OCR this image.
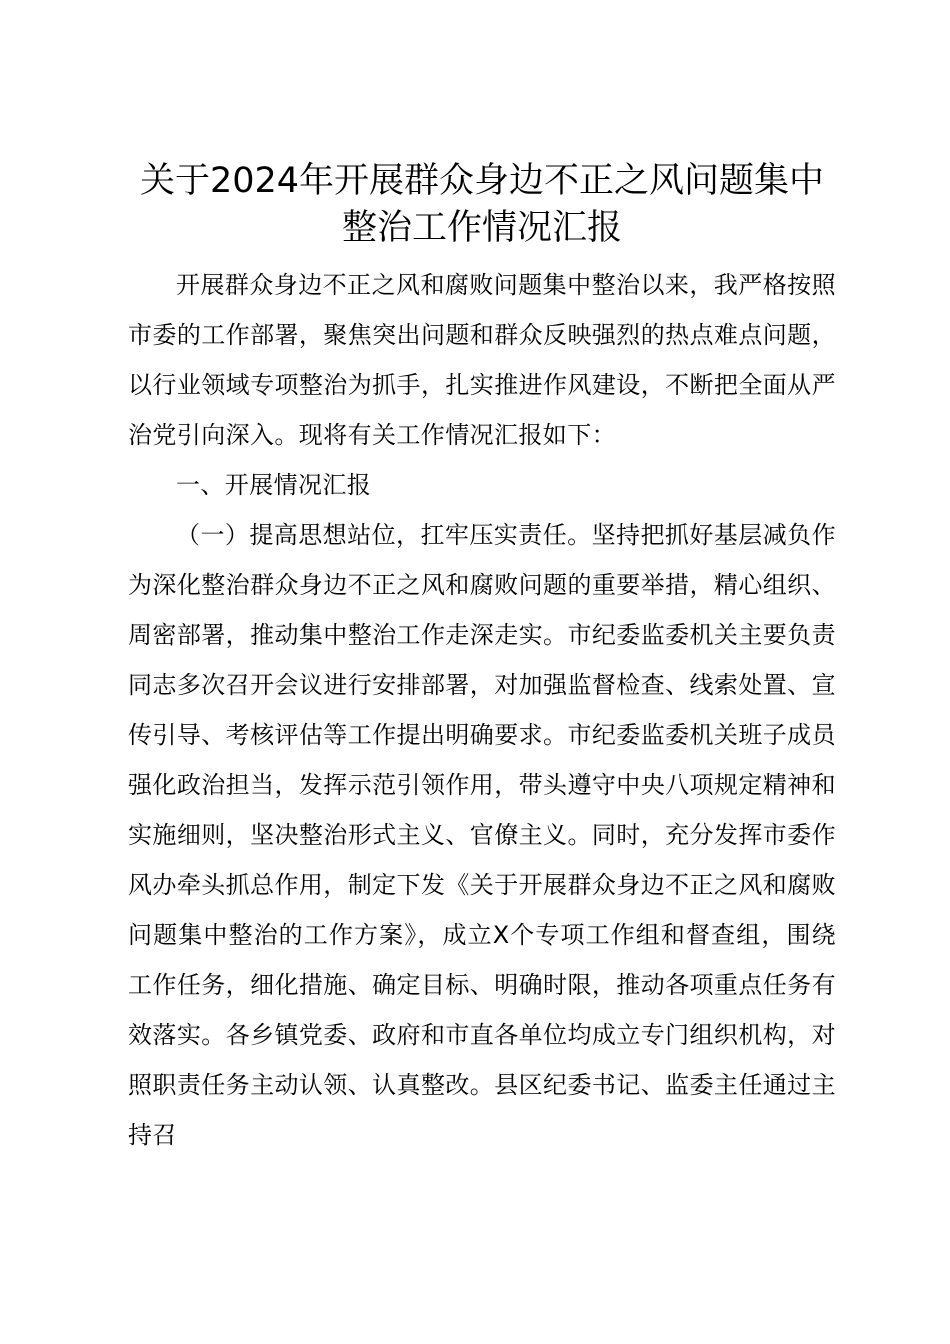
关于2024年开展群众身边不正之风问题集中整治工作情况汇报

开展群众身边不正之风和腐败问题集中整治以来，我严格按照市委的工作部署，聚焦突出问题和群众反映强烈的热点难点问题，以行业领域专项整治为抓手，扎实推进作风建设，不断把全面从严治党引向深入。现将有关工作情况汇报如下：

一、开展情况汇报

（一）提高思想站位，扛牢压实责任。坚持把抓好基层减负作为深化整治群众身边不正之风和腐败问题的重要举措，精心组织、周密部署，推动集中整治工作走深走实。市纪委监委机关主要负责同志多次召开会议进行安排部署，对加强监督检查、线索处置、宣传引导、考核评估等工作提出明确要求。市纪委监委机关班子成员强化政治担当，发挥示范引领作用，带头遵守中央八项规定精神和实施细则，坚决整治形式主义、官僚主义。同时，充分发挥市委作风办牵头抓总作用，制定下发《关于开展群众身边不正之风和腐败问题集中整治的工作方案》，成立X个专项工作组和督查组，围绕工作任务，细化措施、确定目标、明确时限，推动各项重点任务有效落实。各乡镇党委、政府和市直各单位均成立专门组织机构，对照职责任务主动认领、认真整改。县区纪委书记、监委主任通过主持召
